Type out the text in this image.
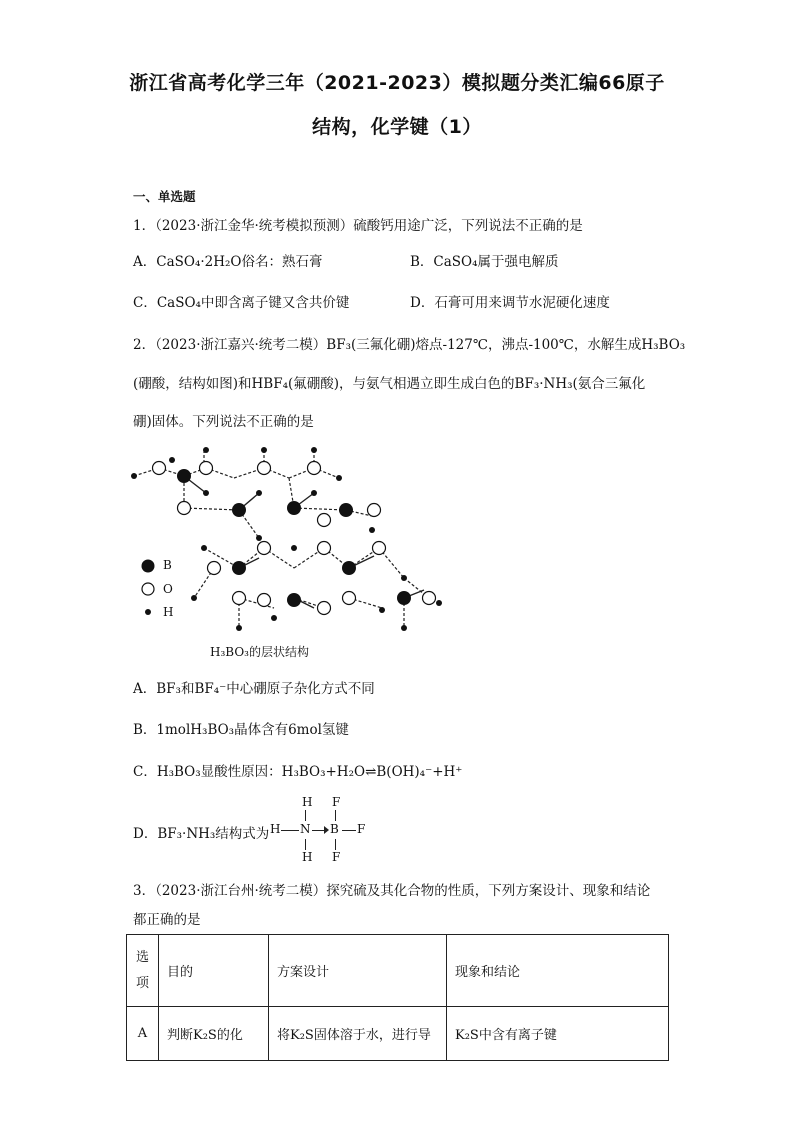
浙江省高考化学三年（2021-2023）模拟题分类汇编66原子
结构，化学键（1）
一、单选题
1．（2023·浙江金华·统考模拟预测）硫酸钙用途广泛，下列说法不正确的是
A．CaSO₄·2H₂O俗名：熟石膏	B．CaSO₄属于强电解质
C．CaSO₄中即含离子键又含共价键	D．石膏可用来调节水泥硬化速度
2．（2023·浙江嘉兴·统考二模）BF₃(三氟化硼)熔点-127℃，沸点-100℃，水解生成H₃BO₃
(硼酸，结构如图)和HBF₄(氟硼酸)，与氨气相遇立即生成白色的BF₃·NH₃(氨合三氟化
硼)固体。下列说法不正确的是
B
O
H
H₃BO₃的层状结构
A．BF₃和BF₄⁻中心硼原子杂化方式不同
B．1molH₃BO₃晶体含有6mol氢键
C．H₃BO₃显酸性原因：H₃BO₃+H₂O⇌B(OH)₄⁻+H⁺
D．BF₃·NH₃结构式为
H
H N B F
F
H F
3．（2023·浙江台州·统考二模）探究硫及其化合物的性质，下列方案设计、现象和结论
都正确的是
选项	目的	方案设计	现象和结论
A	判断K₂S的化	将K₂S固体溶于水，进行导	K₂S中含有离子键
